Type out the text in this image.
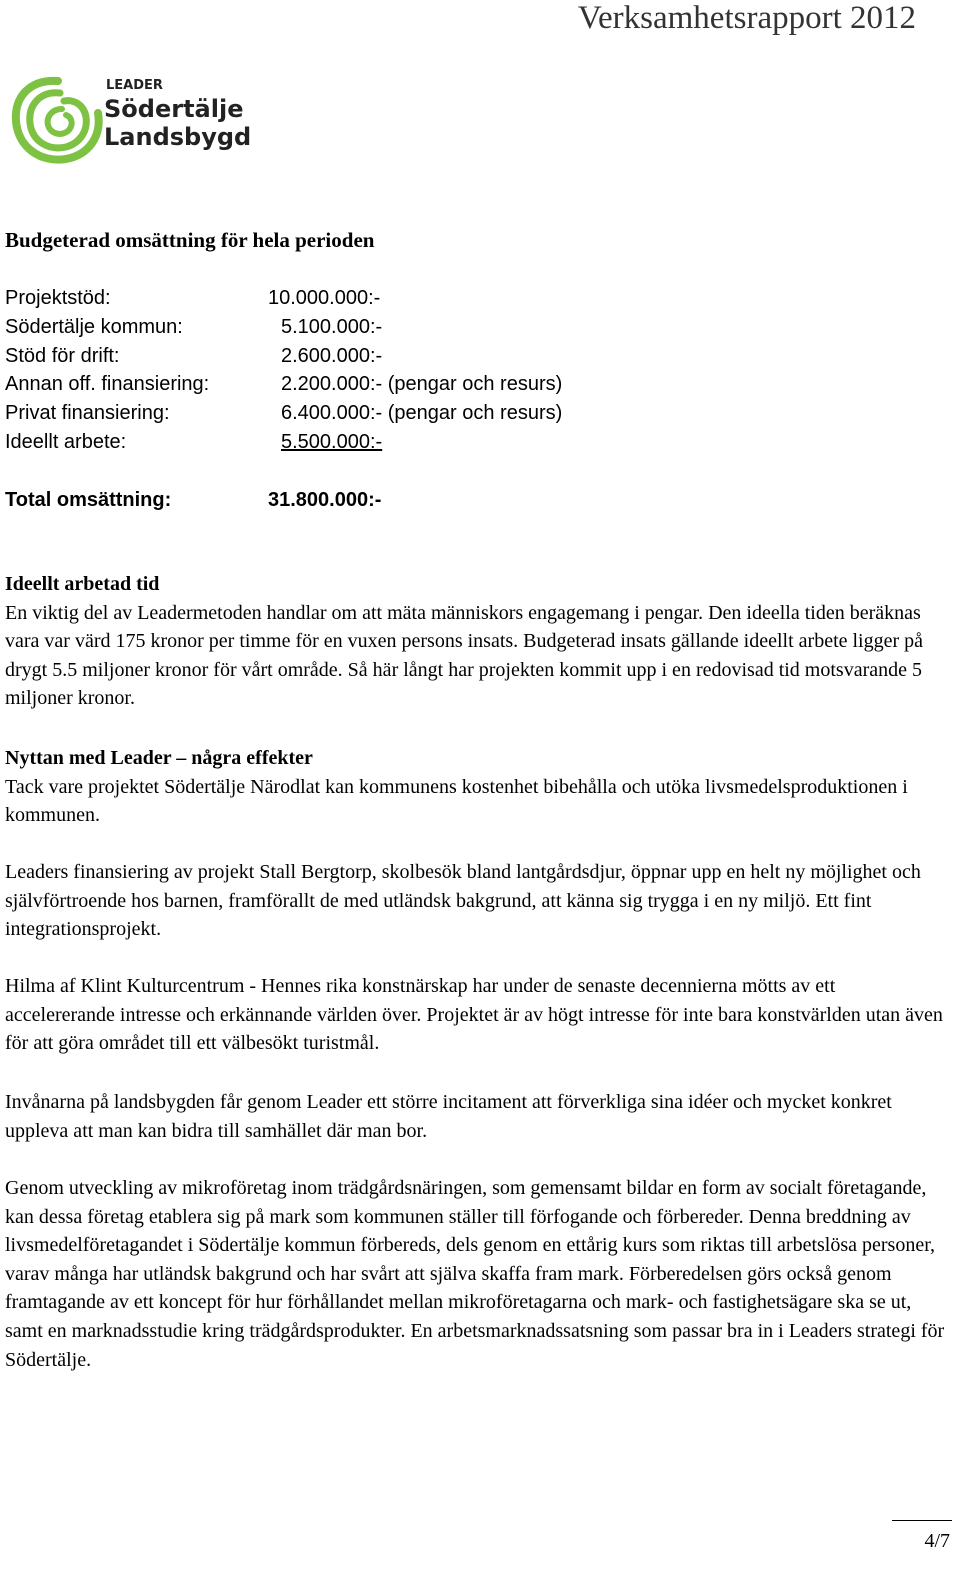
Verksamhetsrapport 2012
LEADER
Södertälje
Landsbygd
Budgeterad omsättning för hela perioden
Projektstöd:	10.000.000:-
Södertälje kommun:	5.100.000:-
Stöd för drift:	2.600.000:-
Annan off. finansiering:	2.200.000:- (pengar och resurs)
Privat finansiering:	6.400.000:- (pengar och resurs)
Ideellt arbete:	5.500.000:-
Total omsättning:	31.800.000:-
Ideellt arbetad tid
En viktig del av Leadermetoden handlar om att mäta människors engagemang i pengar. Den ideella tiden beräknas vara var värd 175 kronor per timme för en vuxen persons insats. Budgeterad insats gällande ideellt arbete ligger på drygt 5.5 miljoner kronor för vårt område. Så här långt har projekten kommit upp i en redovisad tid motsvarande 5 miljoner kronor.
Nyttan med Leader – några effekter
Tack vare projektet Södertälje Närodlat kan kommunens kostenhet bibehålla och utöka livsmedelsproduktionen i kommunen.
Leaders finansiering av projekt Stall Bergtorp, skolbesök bland lantgårdsdjur, öppnar upp en helt ny möjlighet och självförtroende hos barnen, framförallt de med utländsk bakgrund, att känna sig trygga i en ny miljö. Ett fint integrationsprojekt.
Hilma af Klint Kulturcentrum - Hennes rika konstnärskap har under de senaste decennierna mötts av ett accelererande intresse och erkännande världen över. Projektet är av högt intresse för inte bara konstvärlden utan även för att göra området till ett välbesökt turistmål.
Invånarna på landsbygden får genom Leader ett större incitament att förverkliga sina idéer och mycket konkret uppleva att man kan bidra till samhället där man bor.
Genom utveckling av mikroföretag inom trädgårdsnäringen, som gemensamt bildar en form av socialt företagande, kan dessa företag etablera sig på mark som kommunen ställer till förfogande och förbereder. Denna breddning av livsmedelföretagandet i Södertälje kommun förbereds, dels genom en ettårig kurs som riktas till arbetslösa personer, varav många har utländsk bakgrund och har svårt att själva skaffa fram mark. Förberedelsen görs också genom framtagande av ett koncept för hur förhållandet mellan mikroföretagarna och mark- och fastighetsägare ska se ut, samt en marknadsstudie kring trädgårdsprodukter. En arbetsmarknadssatsning som passar bra in i Leaders strategi för Södertälje.
4/7
